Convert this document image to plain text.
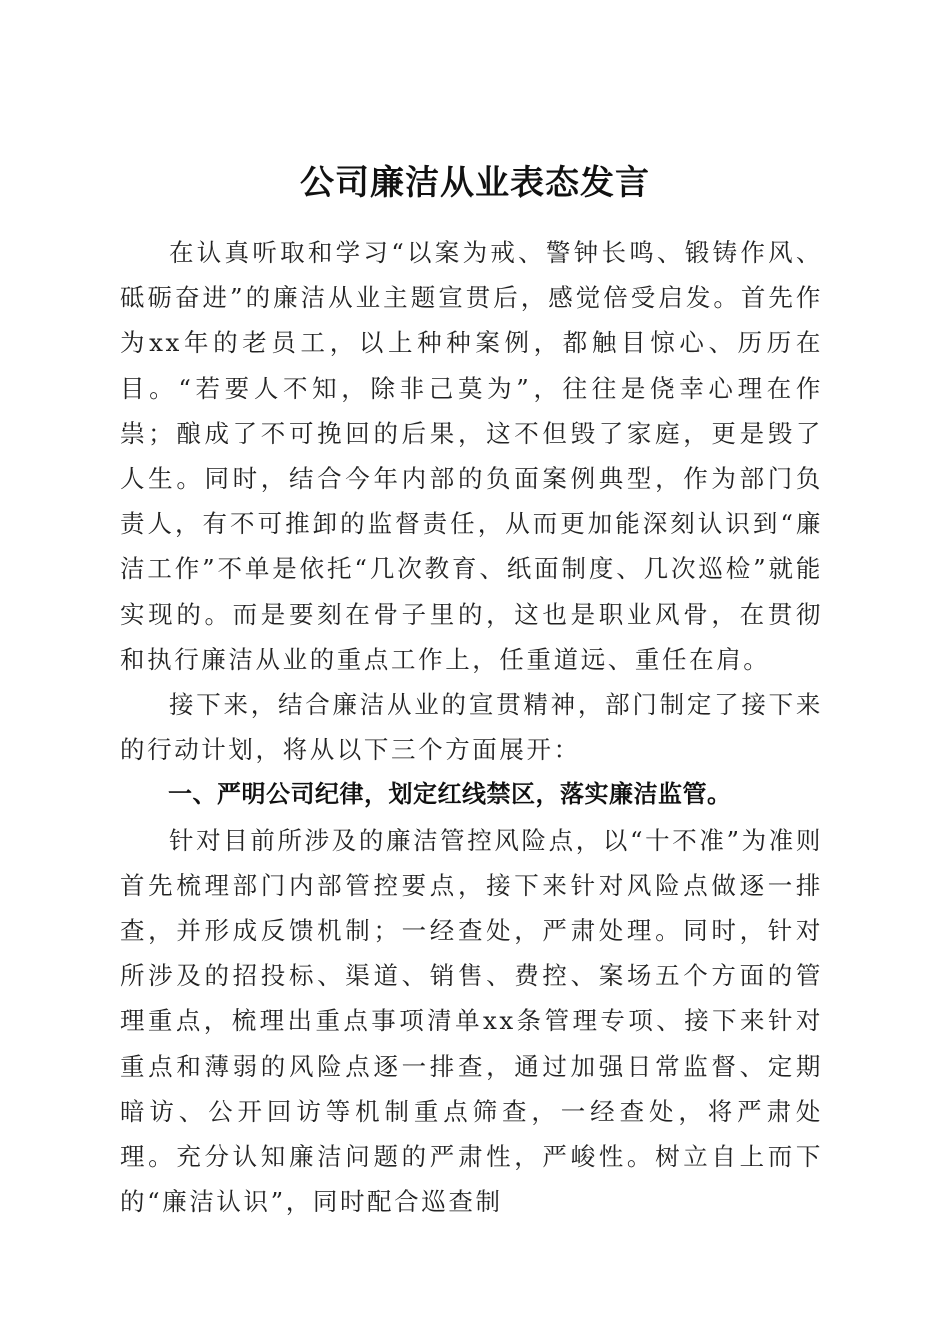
公司廉洁从业表态发言

在认真听取和学习“以案为戒、警钟长鸣、锻铸作风、砥砺奋进”的廉洁从业主题宣贯后，感觉倍受启发。首先作为xx年的老员工，以上种种案例，都触目惊心、历历在目。“若要人不知，除非己莫为”，往往是侥幸心理在作祟；酿成了不可挽回的后果，这不但毁了家庭，更是毁了人生。同时，结合今年内部的负面案例典型，作为部门负责人，有不可推卸的监督责任，从而更加能深刻认识到“廉洁工作”不单是依托“几次教育、纸面制度、几次巡检”就能实现的。而是要刻在骨子里的，这也是职业风骨，在贯彻和执行廉洁从业的重点工作上，任重道远、重任在肩。

接下来，结合廉洁从业的宣贯精神，部门制定了接下来的行动计划，将从以下三个方面展开：

一、严明公司纪律，划定红线禁区，落实廉洁监管。

针对目前所涉及的廉洁管控风险点，以“十不准”为准则首先梳理部门内部管控要点，接下来针对风险点做逐一排查，并形成反馈机制；一经查处，严肃处理。同时，针对所涉及的招投标、渠道、销售、费控、案场五个方面的管理重点，梳理出重点事项清单xx条管理专项、接下来针对重点和薄弱的风险点逐一排查，通过加强日常监督、定期暗访、公开回访等机制重点筛查，一经查处，将严肃处理。充分认知廉洁问题的严肃性，严峻性。树立自上而下的“廉洁认识”，同时配合巡查制
